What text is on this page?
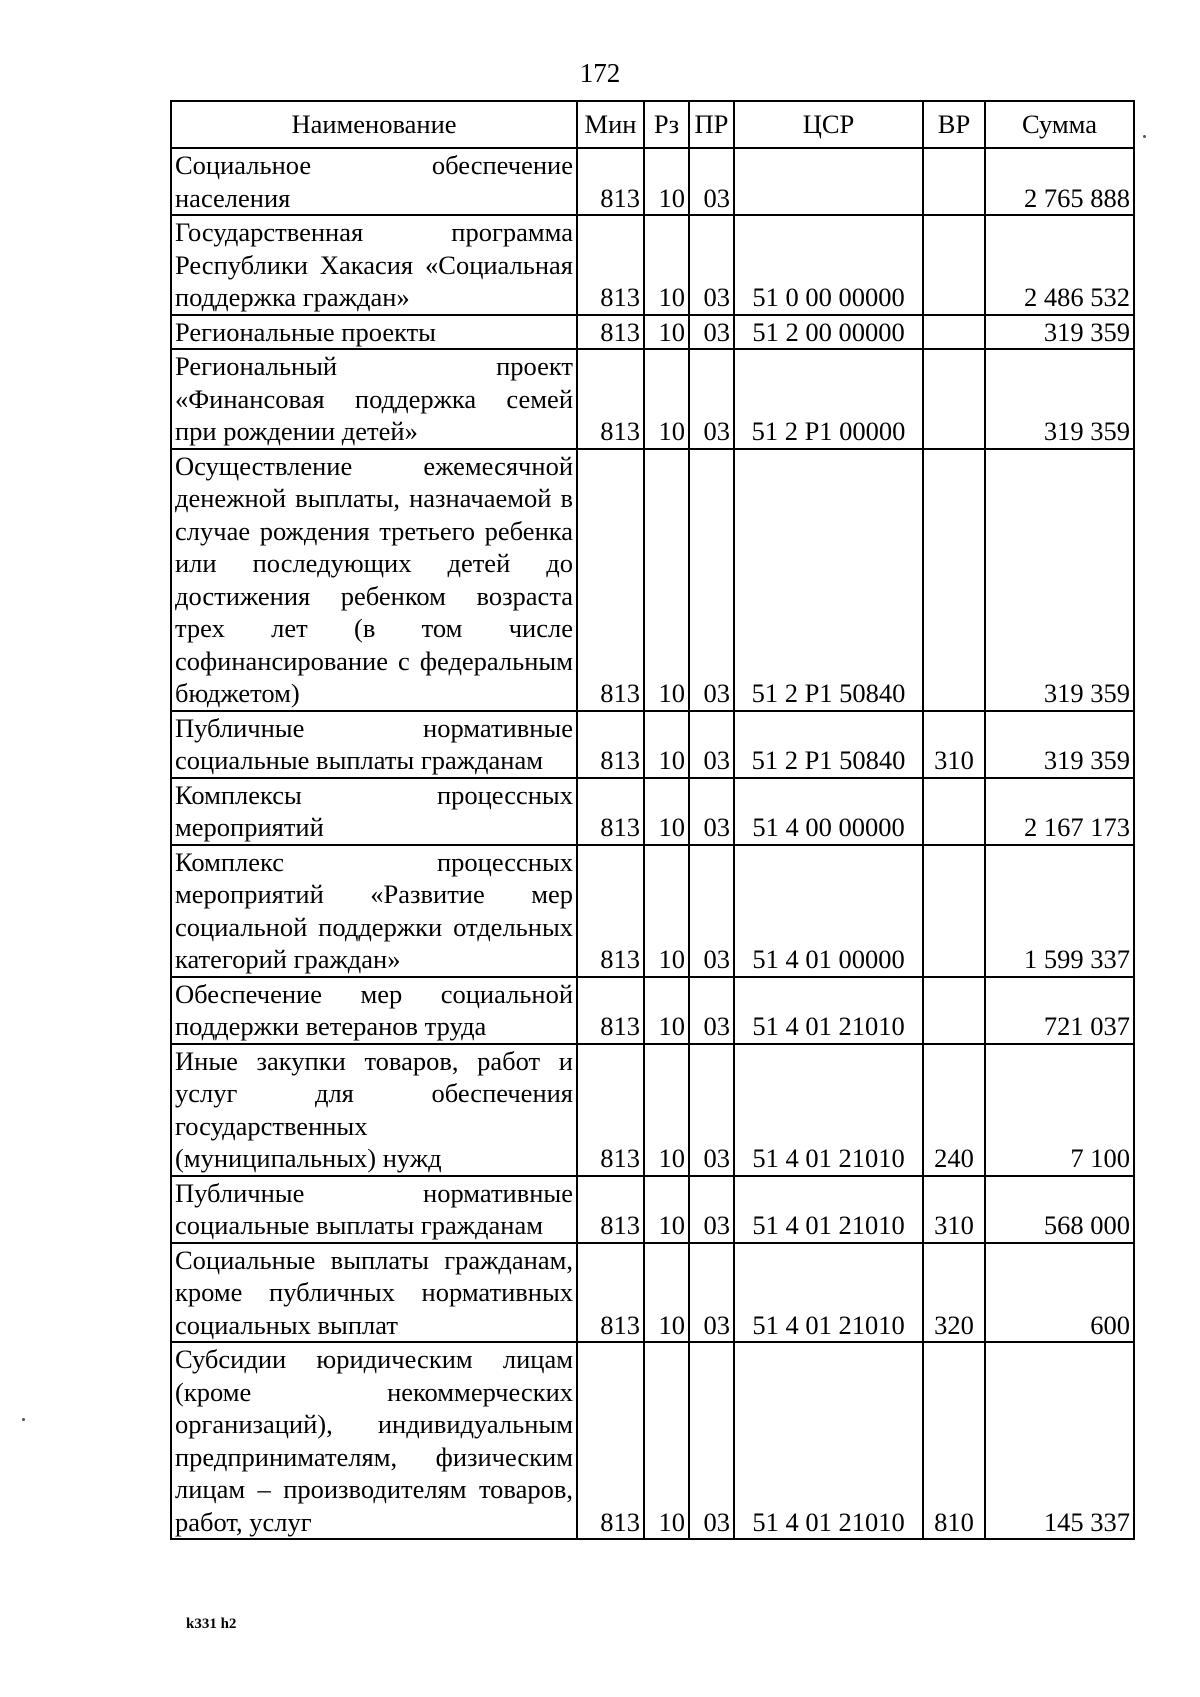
172
Наименование	Мин	Рз	ПР	ЦСР	ВР	Сумма
Социальное обеспечение населения	813	10	03			2 765 888
Государственная программа Республики Хакасия «Социальная поддержка граждан»	813	10	03	51 0 00 00000		2 486 532
Региональные проекты	813	10	03	51 2 00 00000		319 359
Региональный проект «Финансовая поддержка семей при рождении детей»	813	10	03	51 2 P1 00000		319 359
Осуществление ежемесячной денежной выплаты, назначаемой в случае рождения третьего ребенка или последующих детей до достижения ребенком возраста трех лет (в том числе софинансирование с федеральным бюджетом)	813	10	03	51 2 P1 50840		319 359
Публичные нормативные социальные выплаты гражданам	813	10	03	51 2 P1 50840	310	319 359
Комплексы процессных мероприятий	813	10	03	51 4 00 00000		2 167 173
Комплекс процессных мероприятий «Развитие мер социальной поддержки отдельных категорий граждан»	813	10	03	51 4 01 00000		1 599 337
Обеспечение мер социальной поддержки ветеранов труда	813	10	03	51 4 01 21010		721 037
Иные закупки товаров, работ и услуг для обеспечения государственных (муниципальных) нужд	813	10	03	51 4 01 21010	240	7 100
Публичные нормативные социальные выплаты гражданам	813	10	03	51 4 01 21010	310	568 000
Социальные выплаты гражданам, кроме публичных нормативных социальных выплат	813	10	03	51 4 01 21010	320	600
Субсидии юридическим лицам (кроме некоммерческих организаций), индивидуальным предпринимателям, физическим лицам – производителям товаров, работ, услуг	813	10	03	51 4 01 21010	810	145 337
k331 h2
